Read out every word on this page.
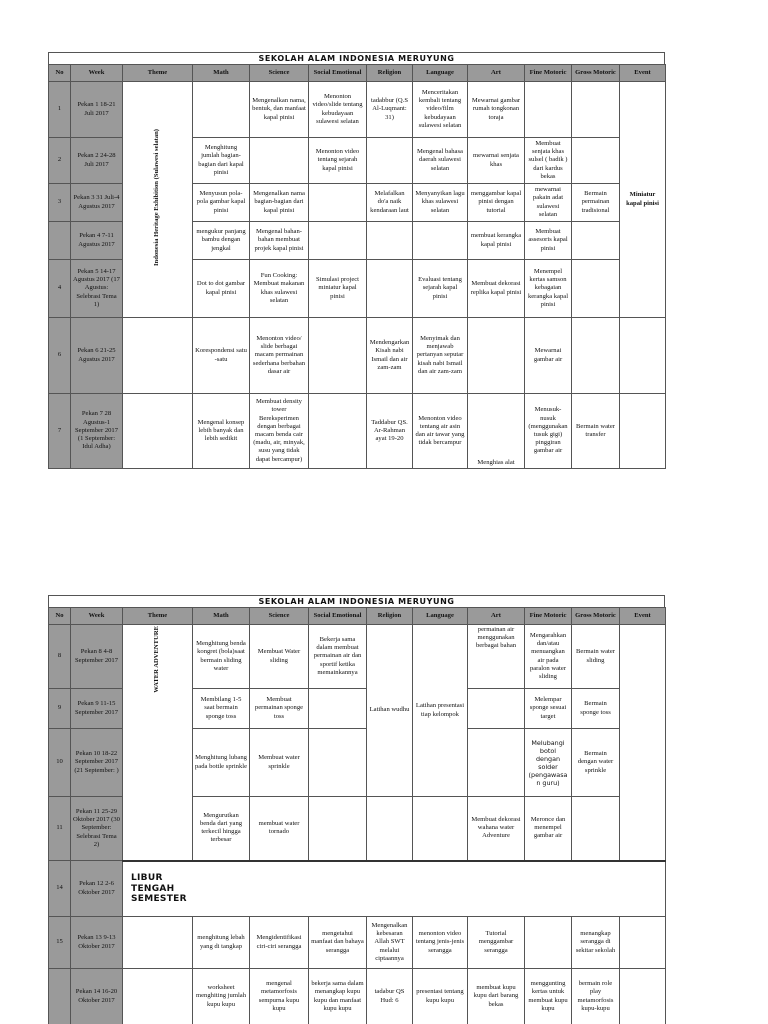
SEKOLAH ALAM INDONESIA MERUYUNG
No	Week	Theme	Math	Science	Social Emotional	Religion	Language	Art	Fine Motoric	Gross Motoric	Event
1	Pekan 1 18-21 Juli 2017	Indonesia Heritage Exhibition (Sulawesi selatan)		Mengenalkan nama, bentuk, dan manfaat kapal pinisi	Menonton video/slide tentang kebudayaan sulawesi selatan	tadabbur (Q.S Al-Luqmant: 31)	Menceritakan kembali tentang video/film kebudayaan sulawesi selatan	Mewarnai gambar rumah tongkonan toraja			Miniatur kapal pinisi
2	Pekan 2 24-28 Juli 2017		Menghitung jumlah bagian-bagian dari kapal pinisi		Menonton video tentang sejarah kapal pinisi		Mengenal bahasa daerah sulawesi selatan	mewarnai senjata khas	Membuat senjata khas sulsel ( badik ) dari kardus bekas		
3	Pekan 3 31 Juli-4 Agustus 2017		Menyusun pola-pola gambar kapal pinisi	Mengenalkan nama bagian-bagian dari kapal pinisi		Melafalkan do'a naik kendaraan laut	Menyanyikan lagu khas sulawesi selatan	menggambar kapal pinisi dengan tutorial	mewarnai pakain adat sulawesi selatan	Bermain permainan tradisional	
	Pekan 4 7-11 Agustus 2017		mengukur panjang bambu dengan jengkal	Mengenal bahan-bahan membuat projek kapal pinisi				membuat kerangka kapal pinisi	Membuat assesoris kapal pinisi		
4	Pekan 5 14-17 Agustus 2017 (17 Agustus: Selebrasi Tema 1)		Dot to dot gambar kapal pinisi	Fun Cooking: Membuat makanan khas sulawesi selatan	Simulasi project miniatur kapal pinisi		Evaluasi tentang sejarah kapal pinisi	Membuat dekorasi replika kapal pinisi	Menempel kertas samson kebagaian kerangka kapal pinisi		
6	Pekan 6 21-25 Agustus 2017		Korespondensi satu -satu	Menonton video/ slide berbagai macam permainan sederhana berbahan dasar air		Mendengarkan Kisah nabi Ismail dan air zam-zam	Menyimak dan menjawab pertanyan seputar kisah nabi Ismail dan air zam-zam		Mewarnai gambar air		
7	Pekan 7 28 Agustus-1 September 2017 (1 September: Idul Adha)		Mengenal konsep lebih banyak dan lebih sedikit	Membuat density tower Bereksperimen dengan berbagai macam benda cair (madu, air, minyak, susu yang tidak dapat bercampur)		Taddabur QS. Ar-Rahman ayat 19-20	Menonton video tentang air asin dan air tawar yang tidak bercampur	Menghias alat	Menusuk-nusuk (menggunakan tusuk gigi) pinggiran gambar air	Bermain water transfer	
SEKOLAH ALAM INDONESIA MERUYUNG
No	Week	Theme	Math	Science	Social Emotional	Religion	Language	Art	Fine Motoric	Gross Motoric	Event
8	Pekan 8 4-8 September 2017	WATER ADVENTURE	Menghitung benda kongret (bola)saat bermain sliding water	Membuat Water sliding	Bekerja sama dalam membuat permainan air dan sportif ketika memainkannya	Latihan wudhu	Latihan presentasi tiap kelompok	permainan air menggunakan berbagai bahan	Mengarahkan dan/atau menuangkan air pada paralon water sliding	Bermain water sliding	
9	Pekan 9 11-15 September 2017		Membilang 1-5 saat bermain sponge toss	Membuat permainan sponge toss					Melempar sponge sesuai target	Bermain sponge toss	
10	Pekan 10 18-22 September 2017 (21 September: )		Menghitung lubang pada bottle sprinkle	Membuat water sprinkle					Melubangi botol dengan solder (pengawasan guru)	Bermain dengan water sprinkle	
11	Pekan 11 25-29 Oktober 2017 (30 September: Selebrasi Tema 2)		Mengurutkan benda dari yang terkecil hingga terbesar	membuat water tornado				Membuat dekorasi wahana water Adventure	Meronce dan menempel gambar air		
14	Pekan 12 2-6 Oktober 2017	LIBUR TENGAH SEMESTER									

15	Pekan 13 9-13 Oktober 2017		menghitung lebah yang di tangkap	Mengidentifikasi ciri-ciri serangga	mengetahui manfaat dan bahaya serangga	Mengenalkan kebesaran Allah SWT melalui ciptaannya	menonton video tentang jenis-jenis serangga	Tutorial menggambar serangga		menangkap serangga di sekitar sekolah	
	Pekan 14 16-20 Oktober 2017		worksheet menghiting jumlah kupu kupu	mengenal metamorfosis sempurna kupu kupu	bekerja sama dalam menangkap kupu kupu dan manfaat kupu kupu	tadabur QS Hud: 6	presentasi tentang kupu kupu	membuat kupu kupu dari barang bekas	menggunting kertas untuk membuat kupu kupu	bermain role play metamorfosis kupu-kupu	
